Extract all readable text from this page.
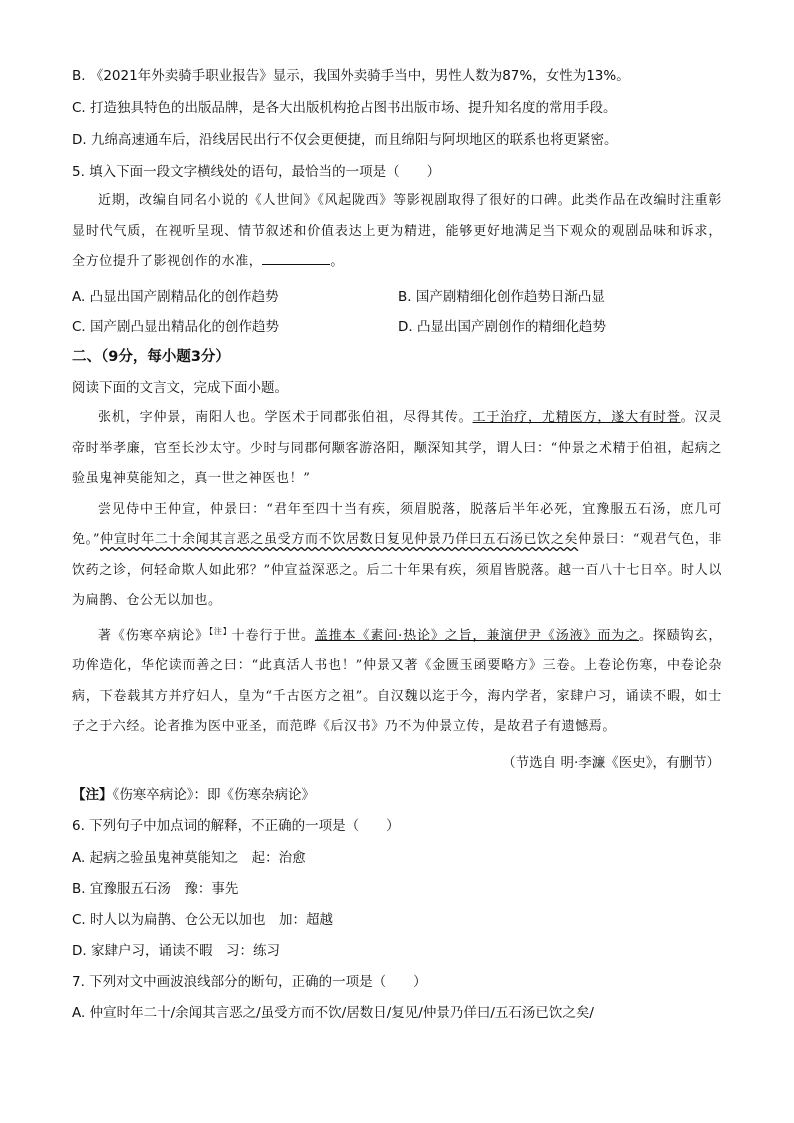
B. 《2021年外卖骑手职业报告》显示，我国外卖骑手当中，男性人数为87%，女性为13%。
C. 打造独具特色的出版品牌，是各大出版机构抢占图书出版市场、提升知名度的常用手段。
D. 九绵高速通车后，沿线居民出行不仅会更便捷，而且绵阳与阿坝地区的联系也将更紧密。
5. 填入下面一段文字横线处的语句，最恰当的一项是（　　）

近期，改编自同名小说的《人世间》《风起陇西》等影视剧取得了很好的口碑。此类作品在改编时注重彰显时代气质，在视听呈现、情节叙述和价值表达上更为精进，能够更好地满足当下观众的观剧品味和诉求，全方位提升了影视创作的水准，	。

A. 凸显出国产剧精品化的创作趋势	B. 国产剧精细化创作趋势日渐凸显
C. 国产剧凸显出精品化的创作趋势	D. 凸显出国产剧创作的精细化趋势
二、（9分，每小题3分）
阅读下面的文言文，完成下面小题。

张机，字仲景，南阳人也。学医术于同郡张伯祖，尽得其传。工于治疗，尤精医方，遂大有时誉。汉灵帝时举孝廉，官至长沙太守。少时与同郡何颙客游洛阳，颙深知其学，谓人曰：“仲景之术精于伯祖，起病之验虽鬼神莫能知之，真一世之神医也！”

尝见侍中王仲宣，仲景曰：“君年至四十当有疾，须眉脱落，脱落后半年必死，宜豫服五石汤，庶几可免。”仲宣时年二十余闻其言恶之虽受方而不饮居数日复见仲景乃佯曰五石汤已饮之矣仲景曰：“观君气色，非饮药之诊，何轻命欺人如此邪？”仲宣益深恶之。后二十年果有疾，须眉皆脱落。越一百八十七日卒。时人以为扁鹊、仓公无以加也。

著《伤寒卒病论》$^{【注】}$十卷行于世。盖推本《素问·热论》之旨，兼演伊尹《汤液》而为之。探赜钩玄，功侔造化，华佗读而善之曰：“此真活人书也！”仲景又著《金匮玉函要略方》三卷。上卷论伤寒，中卷论杂病，下卷载其方并疗妇人，皇为“千古医方之祖”。自汉魏以迄于今，海内学者，家肆户习，诵读不暇，如士子之于六经。论者推为医中亚圣，而范晔《后汉书》乃不为仲景立传，是故君子有遗憾焉。

（节选自 明·李濂《医史》，有删节）
【注】《伤寒卒病论》：即《伤寒杂病论》
6. 下列句子中加点词的解释，不正确的一项是（　　）
A. 起病之验虽鬼神莫能知之　起：治愈
B. 宜豫服五石汤　豫：事先
C. 时人以为扁鹊、仓公无以加也　加：超越
D. 家肆户习，诵读不暇　习：练习
7. 下列对文中画波浪线部分的断句，正确的一项是（　　）
A. 仲宣时年二十/余闻其言恶之/虽受方而不饮/居数日/复见/仲景乃佯曰/五石汤已饮之矣/
